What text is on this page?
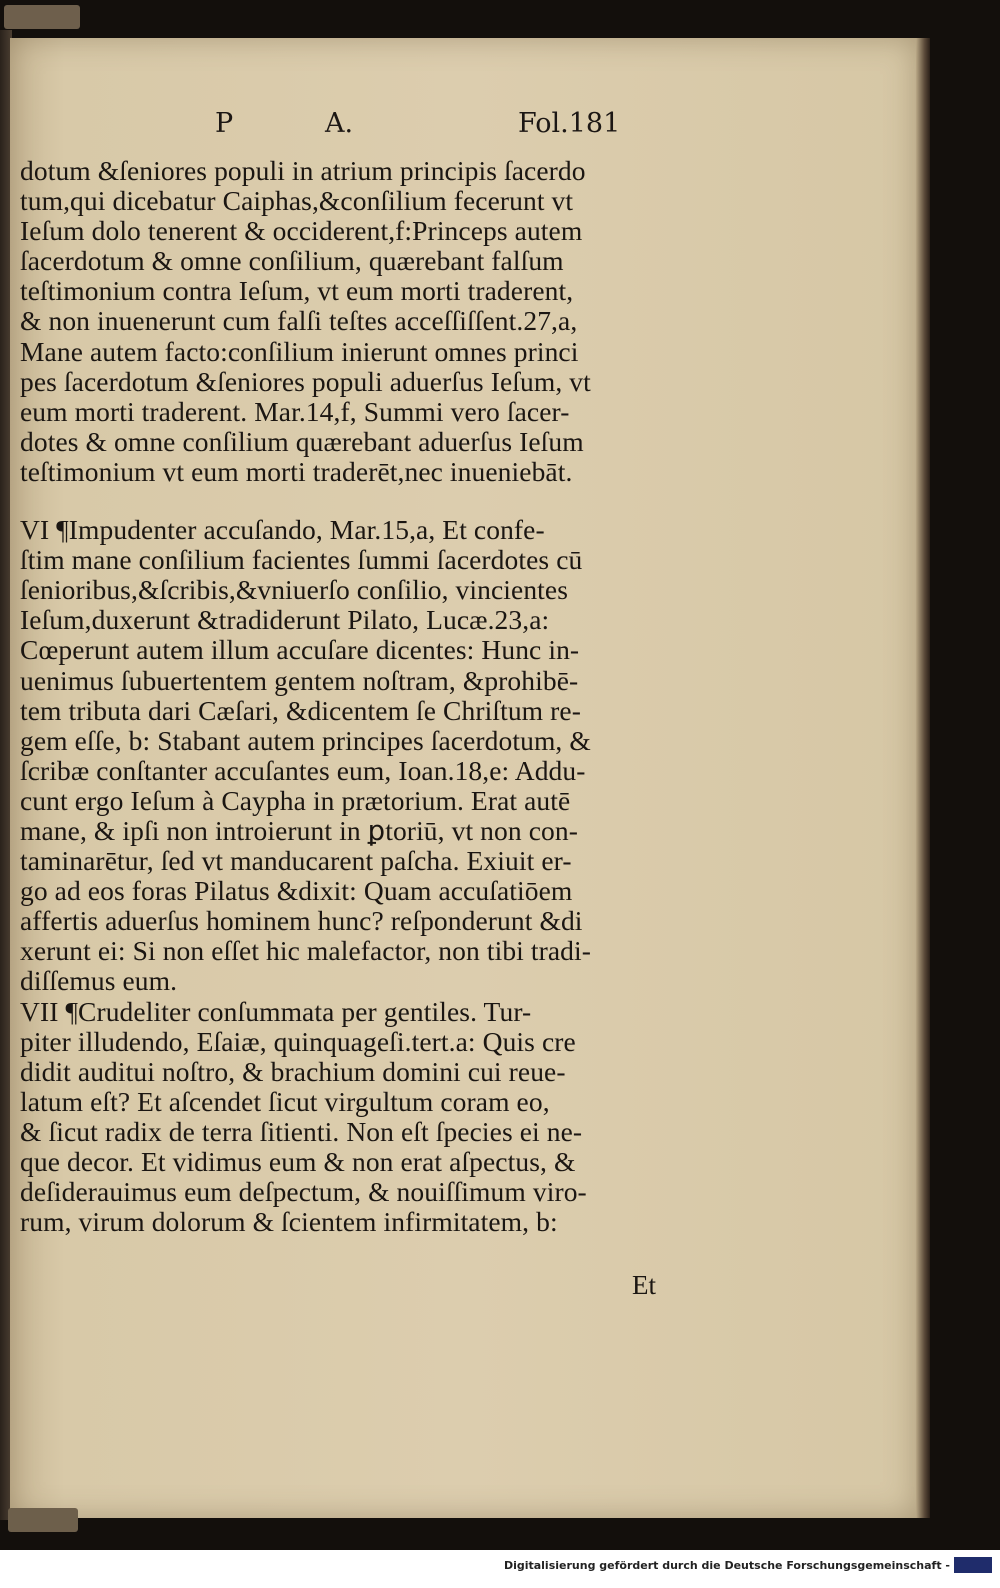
P	A.	Fol.181
dotum &ſeniores populi in atrium principis ſacerdo
tum,qui dicebatur Caiphas,&conſilium fecerunt vt
Ieſum dolo tenerent & occiderent,f:Princeps autem
ſacerdotum & omne conſilium, quærebant falſum
teſtimonium contra Ieſum, vt eum morti traderent,
& non inuenerunt cum falſi teſtes acceſſiſſent.27,a,
Mane autem facto:conſilium inierunt omnes princi
pes ſacerdotum &ſeniores populi aduerſus Ieſum, vt
eum morti traderent. Mar.14,f, Summi vero ſacer-
dotes & omne conſilium quærebant aduerſus Ieſum
teſtimonium vt eum morti traderēt,nec inueniebāt.
VI ¶Impudenter accuſando, Mar.15,a, Et confe-
ſtim mane conſilium facientes ſummi ſacerdotes cū
ſenioribus,&ſcribis,&vniuerſo conſilio, vincientes
Ieſum,duxerunt &tradiderunt Pilato, Lucæ.23,a:
Cœperunt autem illum accuſare dicentes: Hunc in-
uenimus ſubuertentem gentem noſtram, &prohibē-
tem tributa dari Cæſari, &dicentem ſe Chriſtum re-
gem eſſe, b: Stabant autem principes ſacerdotum, &
ſcribæ conſtanter accuſantes eum, Ioan.18,e: Addu-
cunt ergo Ieſum à Caypha in prætorium. Erat autē
mane, & ipſi non introierunt in ꝑtoriū, vt non con-
taminarētur, ſed vt manducarent paſcha. Exiuit er-
go ad eos foras Pilatus &dixit: Quam accuſatiōem
affertis aduerſus hominem hunc? reſponderunt &di
xerunt ei: Si non eſſet hic malefactor, non tibi tradi-
diſſemus eum.
VII ¶Crudeliter conſummata per gentiles. Tur-
piter illudendo, Eſaiæ, quinquageſi.tert.a: Quis cre
didit auditui noſtro, & brachium domini cui reue-
latum eſt? Et aſcendet ſicut virgultum coram eo,
& ſicut radix de terra ſitienti. Non eſt ſpecies ei ne-
que decor. Et vidimus eum & non erat aſpectus, &
deſiderauimus eum deſpectum, & nouiſſimum viro-
rum, virum dolorum & ſcientem infirmitatem, b:
Et
Digitalisierung gefördert durch die Deutsche Forschungsgemeinschaft -
